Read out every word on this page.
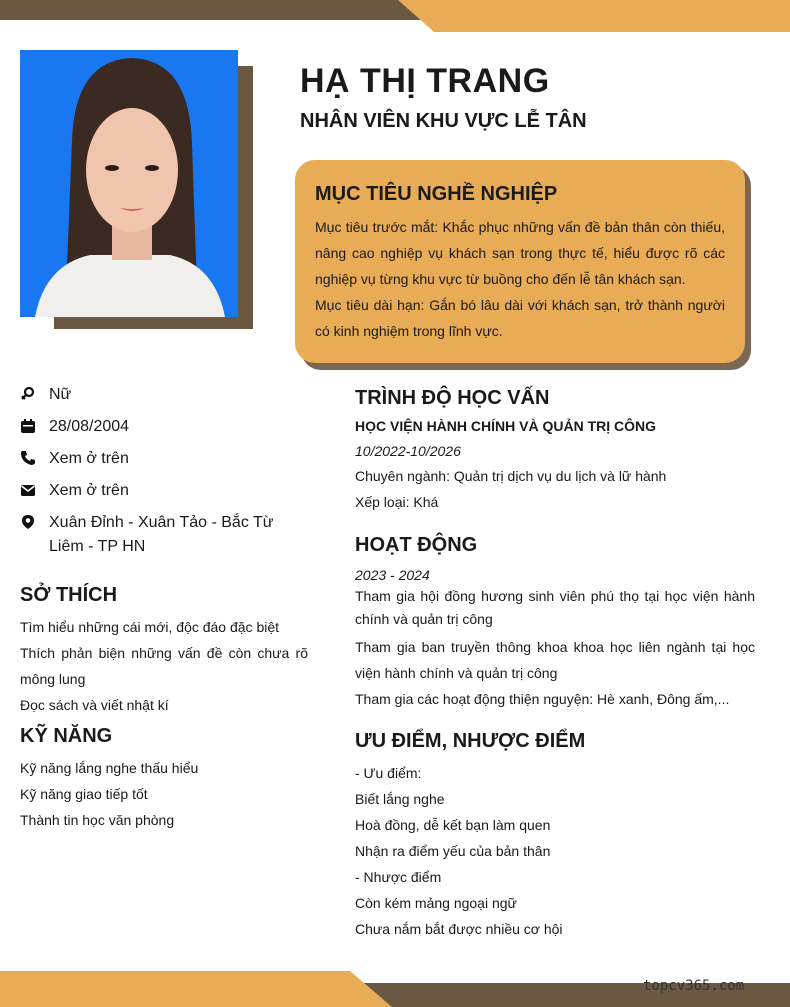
HẠ THỊ TRANG
NHÂN VIÊN KHU VỰC LỄ TÂN
MỤC TIÊU NGHỀ NGHIỆP

Mục tiêu trước mắt: Khắc phục những vấn đề bản thân còn thiếu, nâng cao nghiệp vụ khách sạn trong thực tế, hiểu được rõ các nghiệp vụ từng khu vực từ buồng cho đến lễ tân khách sạn.

Mục tiêu dài hạn: Gắn bó lâu dài với khách sạn, trở thành người có kinh nghiệm trong lĩnh vực.

Nữ
28/08/2004
Xem ở trên
Xem ở trên
Xuân Đỉnh - Xuân Tảo - Bắc Từ Liêm - TP HN
SỞ THÍCH

Tìm hiểu những cái mới, độc đáo đặc biệt

Thích phản biện những vấn đề còn chưa rõ mông lung

Đọc sách và viết nhật kí

KỸ NĂNG

Kỹ năng lắng nghe thấu hiểu

Kỹ năng giao tiếp tốt

Thành tin học văn phòng

TRÌNH ĐỘ HỌC VẤN
HỌC VIỆN HÀNH CHÍNH VÀ QUẢN TRỊ CÔNG
10/2022-10/2026

Chuyên ngành: Quản trị dịch vụ du lịch và lữ hành

Xếp loại: Khá

HOẠT ĐỘNG
2023 - 2024

Tham gia hội đồng hương sinh viên phú thọ tại học viện hành chính và quản trị công

Tham gia ban truyền thông khoa khoa học liên ngành tại học viện hành chính và quản trị công

Tham gia các hoạt động thiện nguyện: Hè xanh, Đông ấm,...

ƯU ĐIỂM, NHƯỢC ĐIỂM

- Ưu điểm:

Biết lắng nghe

Hoà đồng, dễ kết bạn làm quen

Nhận ra điểm yếu của bản thân

- Nhược điểm

Còn kém mảng ngoại ngữ

Chưa nắm bắt được nhiều cơ hội

topcv365.com
